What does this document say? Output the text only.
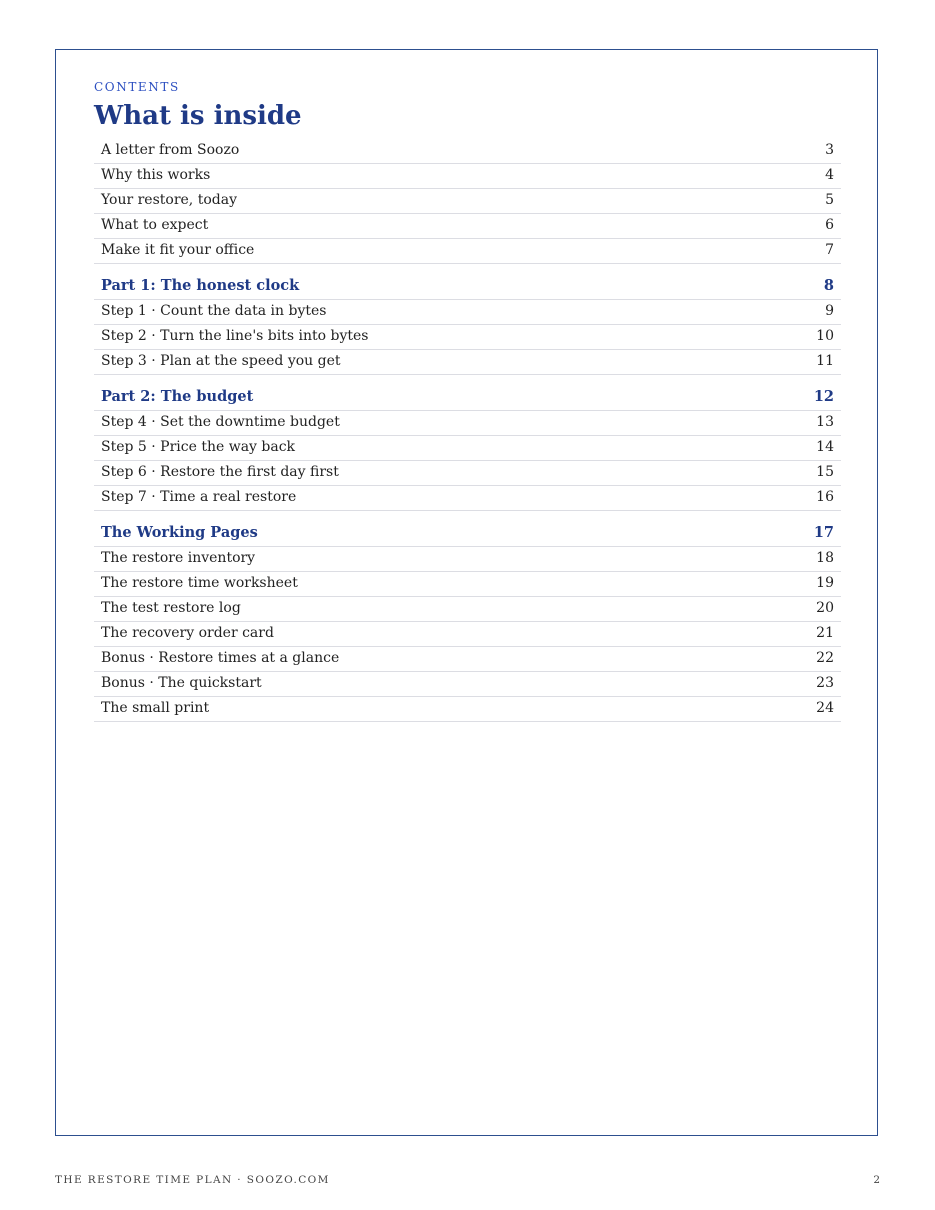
CONTENTS
What is inside
A letter from Soozo	3
Why this works	4
Your restore, today	5
What to expect	6
Make it fit your office	7
Part 1: The honest clock	8
Step 1 · Count the data in bytes	9
Step 2 · Turn the line's bits into bytes	10
Step 3 · Plan at the speed you get	11
Part 2: The budget	12
Step 4 · Set the downtime budget	13
Step 5 · Price the way back	14
Step 6 · Restore the first day first	15
Step 7 · Time a real restore	16
The Working Pages	17
The restore inventory	18
The restore time worksheet	19
The test restore log	20
The recovery order card	21
Bonus · Restore times at a glance	22
Bonus · The quickstart	23
The small print	24
THE RESTORE TIME PLAN · SOOZO.COM	2
